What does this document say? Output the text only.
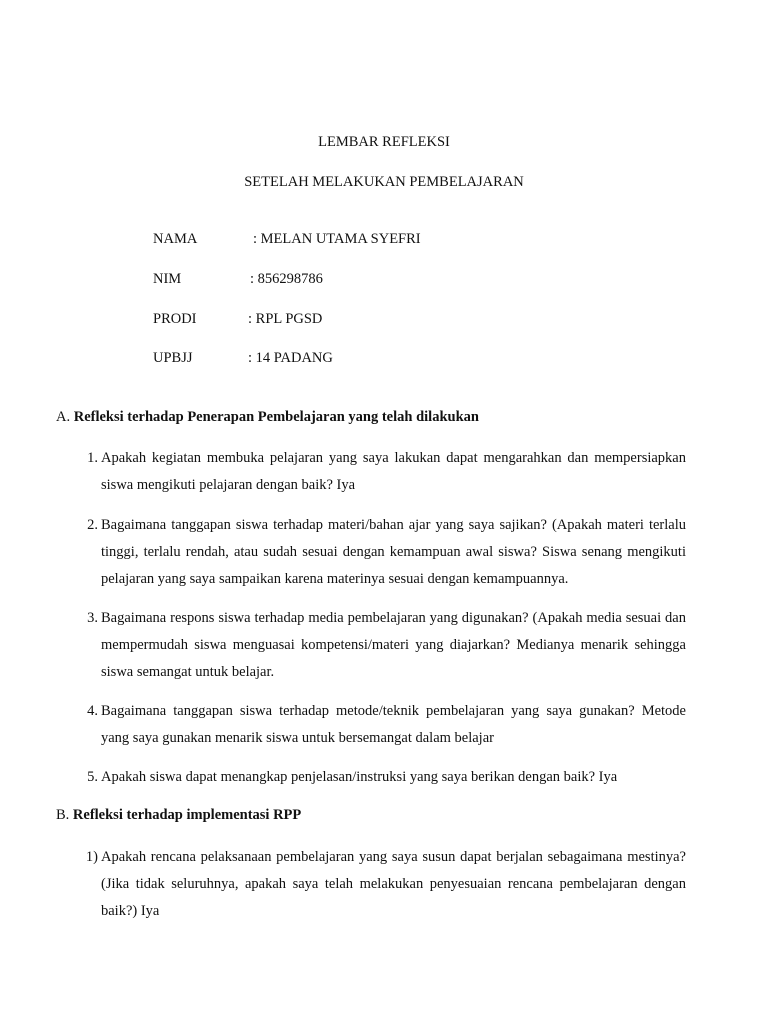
LEMBAR REFLEKSI

SETELAH MELAKUKAN PEMBELAJARAN

NAMA	: MELAN UTAMA SYEFRI
NIM	: 856298786
PRODI	: RPL PGSD
UPBJJ	: 14 PADANG
A. Refleksi terhadap Penerapan Pembelajaran yang telah dilakukan
1. Apakah kegiatan membuka pelajaran yang saya lakukan dapat mengarahkan dan mempersiapkan siswa mengikuti pelajaran dengan baik? Iya
2. Bagaimana tanggapan siswa terhadap materi/bahan ajar yang saya sajikan? (Apakah materi terlalu tinggi, terlalu rendah, atau sudah sesuai dengan kemampuan awal siswa? Siswa senang mengikuti pelajaran yang saya sampaikan karena materinya sesuai dengan kemampuannya.
3. Bagaimana respons siswa terhadap media pembelajaran yang digunakan? (Apakah media sesuai dan mempermudah siswa menguasai kompetensi/materi yang diajarkan? Medianya menarik sehingga siswa semangat untuk belajar.
4. Bagaimana tanggapan siswa terhadap metode/teknik pembelajaran yang saya gunakan? Metode yang saya gunakan menarik siswa untuk bersemangat dalam belajar
5. Apakah siswa dapat menangkap penjelasan/instruksi yang saya berikan dengan baik? Iya
B. Refleksi terhadap implementasi RPP
1) Apakah rencana pelaksanaan pembelajaran yang saya susun dapat berjalan sebagaimana mestinya? (Jika tidak seluruhnya, apakah saya telah melakukan penyesuaian rencana pembelajaran dengan baik?) Iya
